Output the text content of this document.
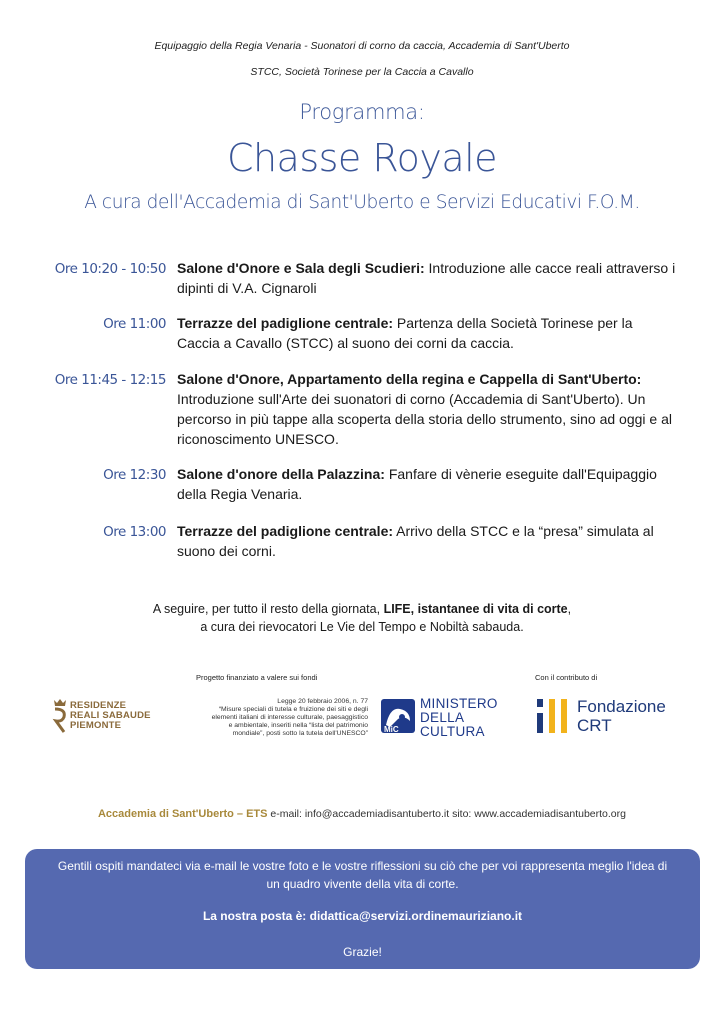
Equipaggio della Regia Venaria - Suonatori di corno da caccia, Accademia di Sant'Uberto
STCC, Società Torinese per la Caccia a Cavallo
Programma:
Chasse Royale
A cura dell'Accademia di Sant'Uberto e Servizi Educativi F.O.M.
Ore 10:20 - 10:50 Salone d'Onore e Sala degli Scudieri: Introduzione alle cacce reali attraverso i dipinti di V.A. Cignaroli
Ore 11:00 Terrazze del padiglione centrale: Partenza della Società Torinese per la Caccia a Cavallo (STCC) al suono dei corni da caccia.
Ore 11:45 - 12:15 Salone d'Onore, Appartamento della regina e Cappella di Sant'Uberto: Introduzione sull'Arte dei suonatori di corno (Accademia di Sant'Uberto). Un percorso in più tappe alla scoperta della storia dello strumento, sino ad oggi e al riconoscimento UNESCO.
Ore 12:30 Salone d'onore della Palazzina: Fanfare di vènerie eseguite dall'Equipaggio della Regia Venaria.
Ore 13:00 Terrazze del padiglione centrale: Arrivo della STCC e la “presa” simulata al suono dei corni.
A seguire, per tutto il resto della giornata, LIFE, istantanee di vita di corte,
a cura dei rievocatori Le Vie del Tempo e Nobiltà sabauda.
Progetto finanziato a valere sui fondi	Con il contributo di
RESIDENZE
REALI SABAUDE
PIEMONTE
Legge 20 febbraio 2006, n. 77
“Misure speciali di tutela e fruizione dei siti e degli
elementi italiani di interesse culturale, paesaggistico
e ambientale, inseriti nella “lista del patrimonio
mondiale”, posti sotto la tutela dell'UNESCO” MiC
MINISTERO
DELLA
CULTURA
Fondazione
CRT
Accademia di Sant'Uberto – ETS e-mail: info@accademiadisantuberto.it sito: www.accademiadisantuberto.org
Gentili ospiti mandateci via e-mail le vostre foto e le vostre riflessioni su ciò che per voi rappresenta meglio l'idea di un quadro vivente della vita di corte.
La nostra posta è: didattica@servizi.ordinemauriziano.it
Grazie!
